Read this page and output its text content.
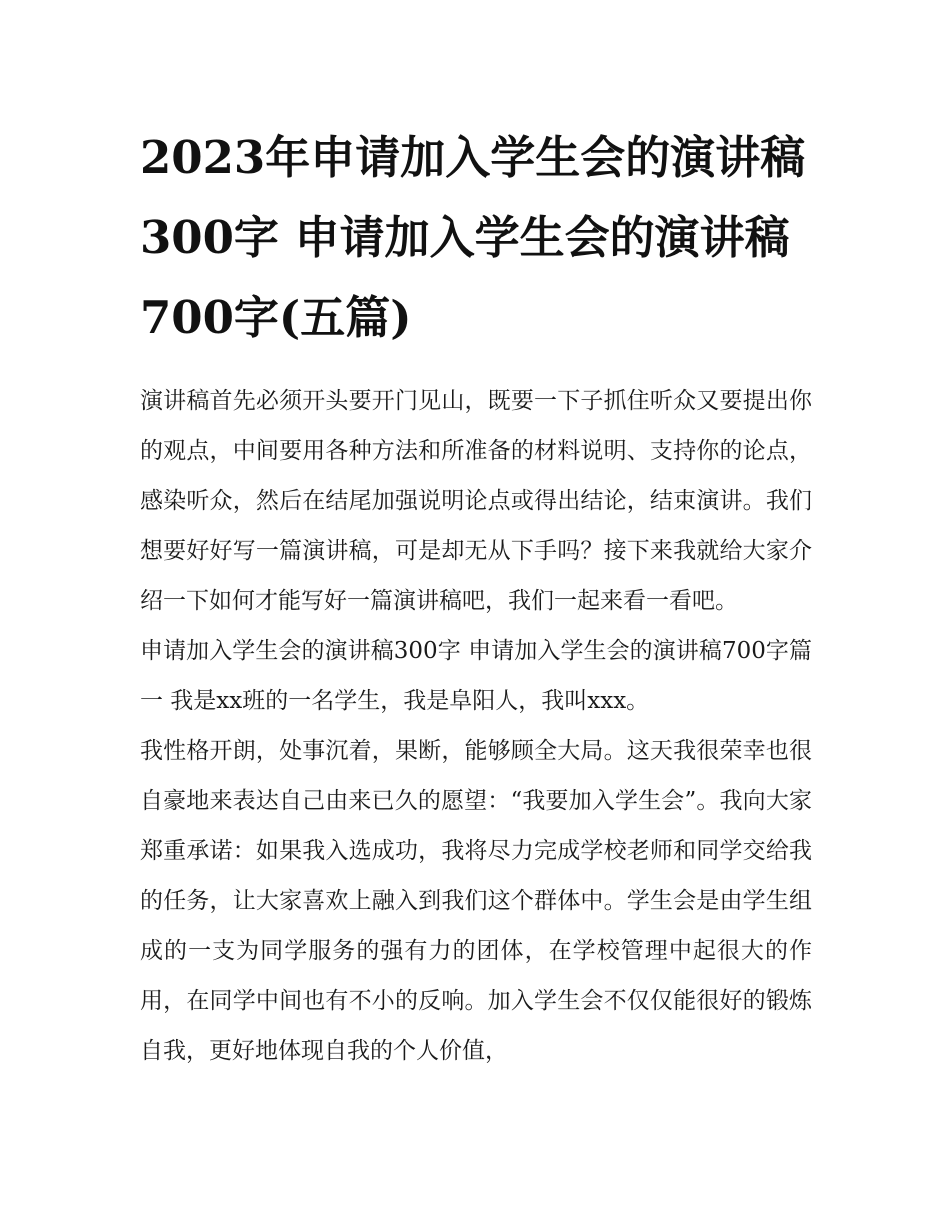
2023年申请加入学生会的演讲稿300字 申请加入学生会的演讲稿700字(五篇)

演讲稿首先必须开头要开门见山，既要一下子抓住听众又要提出你的观点，中间要用各种方法和所准备的材料说明、支持你的论点，感染听众，然后在结尾加强说明论点或得出结论，结束演讲。我们想要好好写一篇演讲稿，可是却无从下手吗？接下来我就给大家介绍一下如何才能写好一篇演讲稿吧，我们一起来看一看吧。

申请加入学生会的演讲稿300字 申请加入学生会的演讲稿700字篇一 我是xx班的一名学生，我是阜阳人，我叫xxx。

我性格开朗，处事沉着，果断，能够顾全大局。这天我很荣幸也很自豪地来表达自己由来已久的愿望：“我要加入学生会”。我向大家郑重承诺：如果我入选成功，我将尽力完成学校老师和同学交给我的任务，让大家喜欢上融入到我们这个群体中。学生会是由学生组成的一支为同学服务的强有力的团体，在学校管理中起很大的作用，在同学中间也有不小的反响。加入学生会不仅仅能很好的锻炼自我，更好地体现自我的个人价值，
